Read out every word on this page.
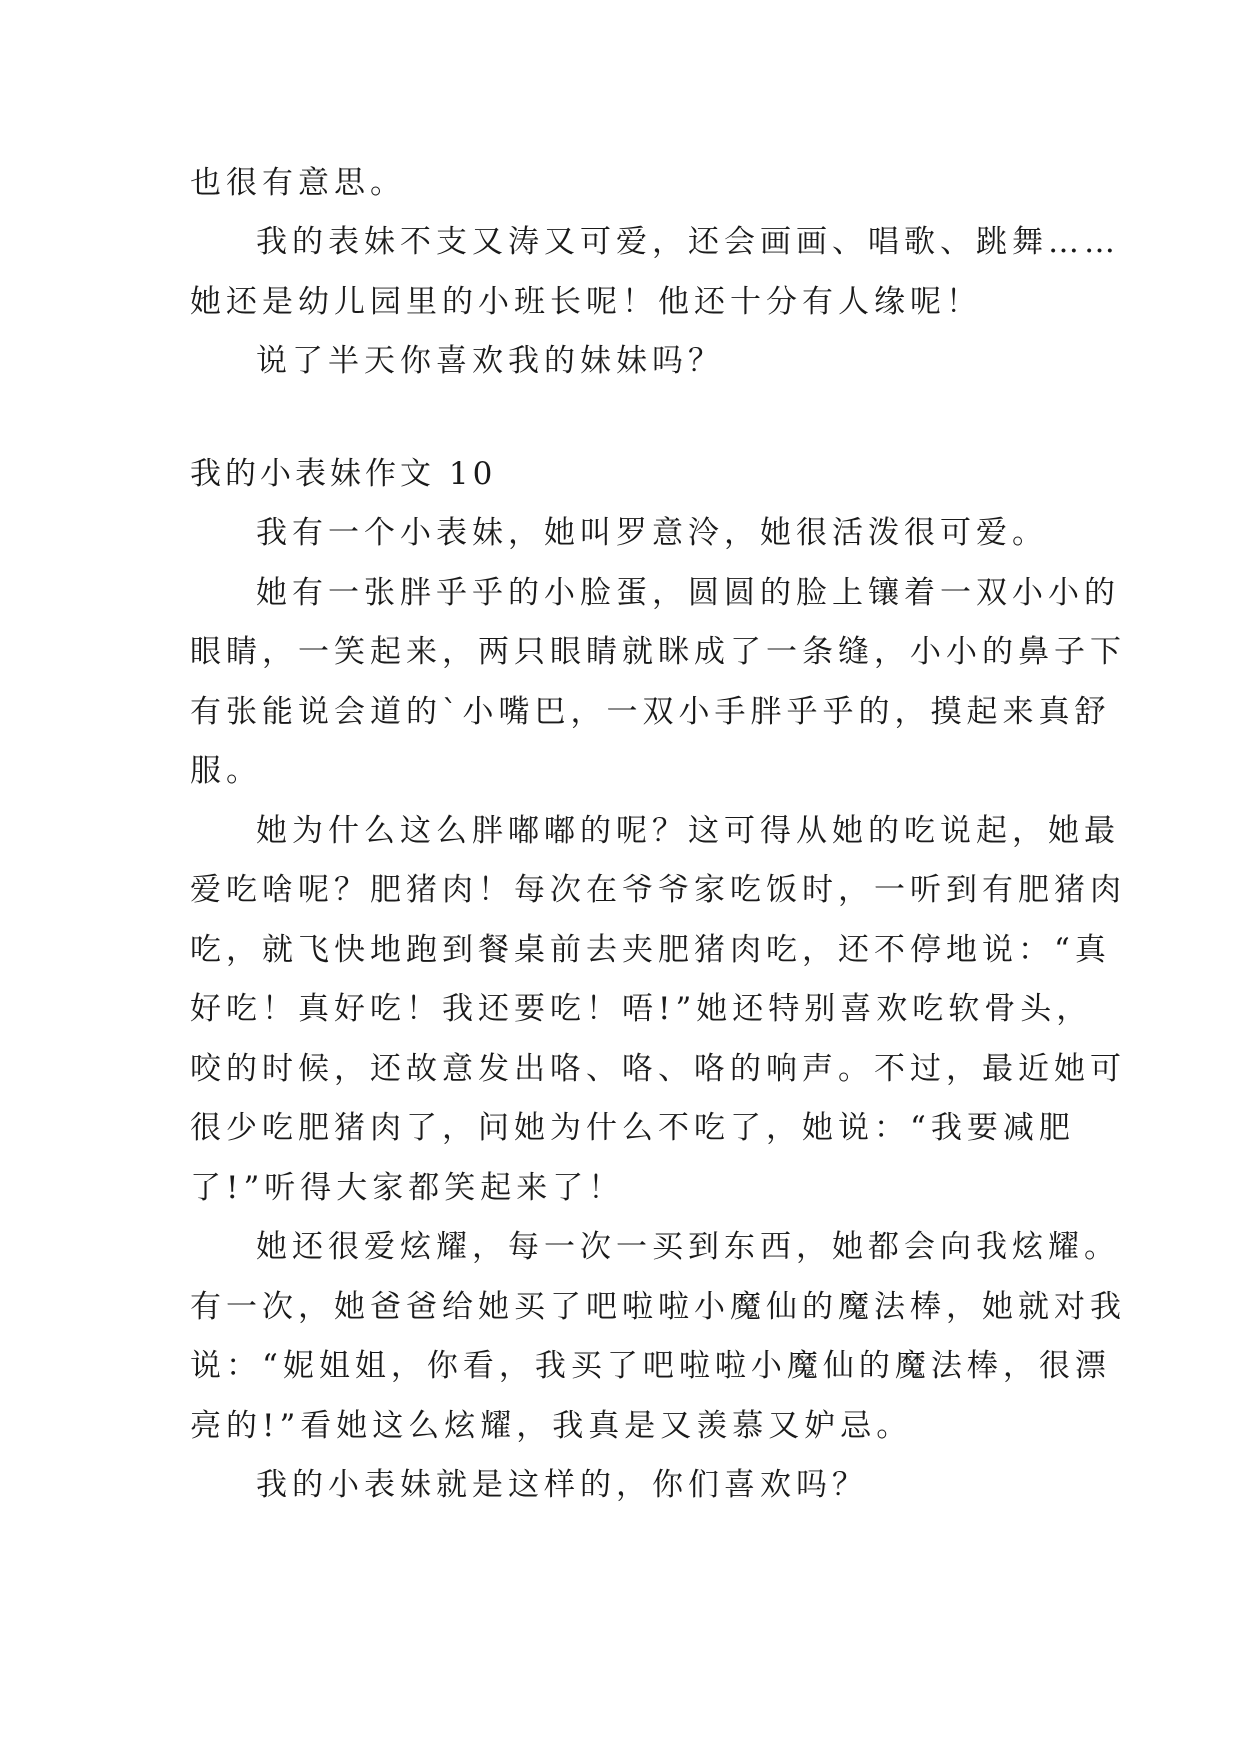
也很有意思。

我的表妹不支又涛又可爱，还会画画、唱歌、跳舞……

她还是幼儿园里的小班长呢！他还十分有人缘呢！

说了半天你喜欢我的妹妹吗？

我的小表妹作文 10

我有一个小表妹，她叫罗意泠，她很活泼很可爱。

她有一张胖乎乎的小脸蛋，圆圆的脸上镶着一双小小的

眼睛，一笑起来，两只眼睛就眯成了一条缝，小小的鼻子下

有张能说会道的`小嘴巴，一双小手胖乎乎的，摸起来真舒

服。

她为什么这么胖嘟嘟的呢？这可得从她的吃说起，她最

爱吃啥呢？肥猪肉！每次在爷爷家吃饭时，一听到有肥猪肉

吃，就飞快地跑到餐桌前去夹肥猪肉吃，还不停地说：“真

好吃！真好吃！我还要吃！唔!”她还特别喜欢吃软骨头，

咬的时候，还故意发出咯、咯、咯的响声。不过，最近她可

很少吃肥猪肉了，问她为什么不吃了，她说：“我要减肥

了!”听得大家都笑起来了！

她还很爱炫耀，每一次一买到东西，她都会向我炫耀。

有一次，她爸爸给她买了吧啦啦小魔仙的魔法棒，她就对我

说：“妮姐姐，你看，我买了吧啦啦小魔仙的魔法棒，很漂

亮的!”看她这么炫耀，我真是又羡慕又妒忌。

我的小表妹就是这样的，你们喜欢吗？
